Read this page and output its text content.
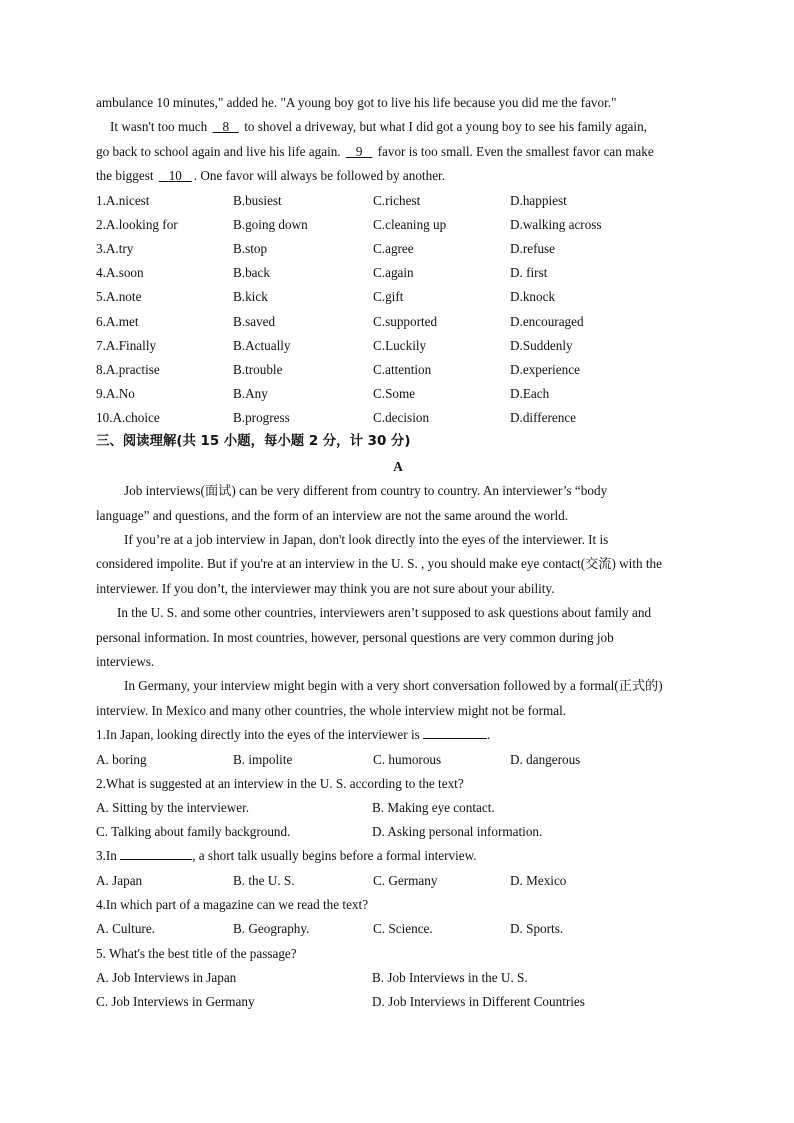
ambulance 10 minutes," added he. "A young boy got to live his life because you did me the favor."
It wasn't too much 8 to shovel a driveway, but what I did got a young boy to see his family again,
go back to school again and live his life again. 9 favor is too small. Even the smallest favor can make
the biggest 10 . One favor will always be followed by another.
1.A.nicest	B.busiest	C.richest	D.happiest
2.A.looking for	B.going down	C.cleaning up	D.walking across
3.A.try	B.stop	C.agree	D.refuse
4.A.soon	B.back	C.again	D. first
5.A.note	B.kick	C.gift	D.knock
6.A.met	B.saved	C.supported	D.encouraged
7.A.Finally	B.Actually	C.Luckily	D.Suddenly
8.A.practise	B.trouble	C.attention	D.experience
9.A.No	B.Any	C.Some	D.Each
10.A.choice	B.progress	C.decision	D.difference
三、阅读理解(共 15 小题，每小题 2 分，计 30 分)
A
Job interviews(面试) can be very different from country to country. An interviewer’s “body
language” and questions, and the form of an interview are not the same around the world.
If you’re at a job interview in Japan, don't look directly into the eyes of the interviewer. It is
considered impolite. But if you're at an interview in the U. S. , you should make eye contact(交流) with the
interviewer. If you don’t, the interviewer may think you are not sure about your ability.
In the U. S. and some other countries, interviewers aren’t supposed to ask questions about family and
personal information. In most countries, however, personal questions are very common during job
interviews.
In Germany, your interview might begin with a very short conversation followed by a formal(正式的)
interview. In Mexico and many other countries, the whole interview might not be formal.
1.In Japan, looking directly into the eyes of the interviewer is	.
A. boring	B. impolite	C. humorous	D. dangerous
2.What is suggested at an interview in the U. S. according to the text?
A. Sitting by the interviewer.	B. Making eye contact.
C. Talking about family background.	D. Asking personal information.
3.In	, a short talk usually begins before a formal interview.
A. Japan	B. the U. S.	C. Germany	D. Mexico
4.In which part of a magazine can we read the text?
A. Culture.	B. Geography.	C. Science.	D. Sports.
5. What's the best title of the passage?
A. Job Interviews in Japan	B. Job Interviews in the U. S.
C. Job Interviews in Germany	D. Job Interviews in Different Countries
